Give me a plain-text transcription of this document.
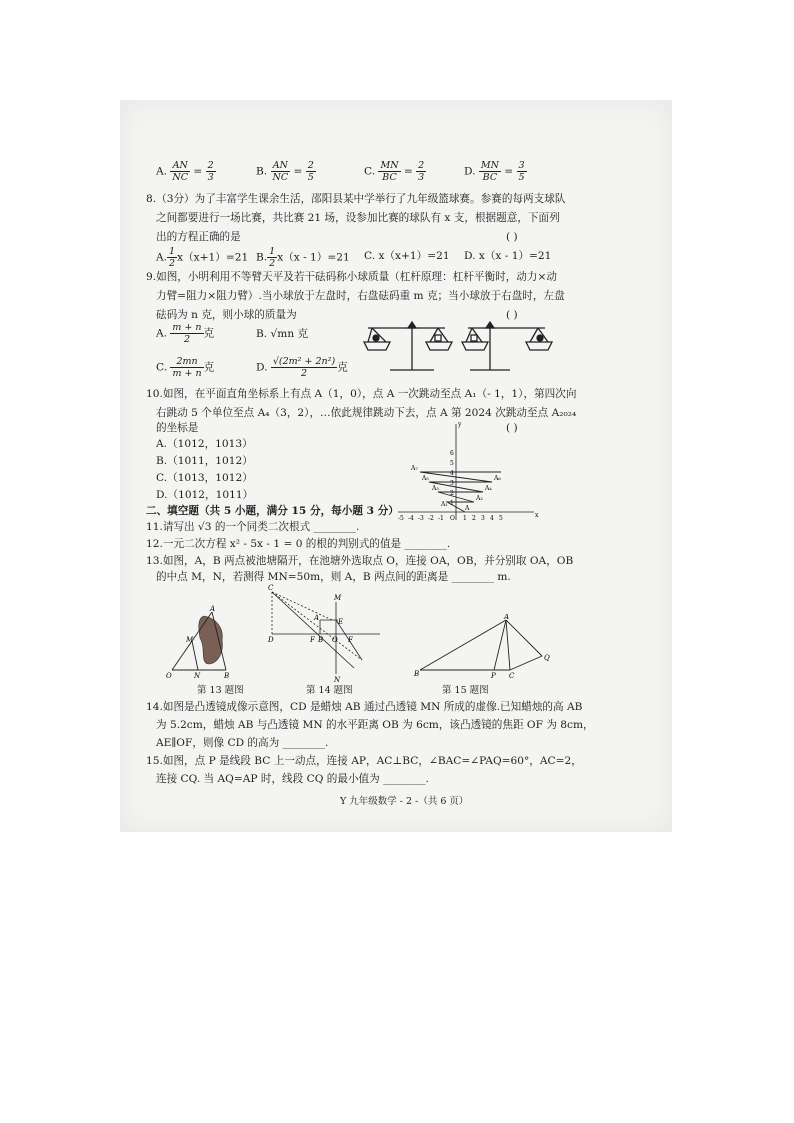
A. $\frac{AN}{NC} = \frac{2}{3}$	B. $\frac{AN}{NC} = \frac{2}{5}$	C. $\frac{MN}{BC} = \frac{2}{3}$	D. $\frac{MN}{BC} = \frac{3}{5}$
8.（3分）为了丰富学生课余生活，邵阳县某中学举行了九年级篮球赛。参赛的每两支球队
之间都要进行一场比赛，共比赛 21 场，设参加比赛的球队有 x 支，根据题意，下面列
出的方程正确的是	( )
A. $\frac{1}{2} x(x+1)=21$ B. $\frac{1}{2} x(x - 1)=21$ C. x（x+1）=21 D. x（x - 1）=21
9.如图，小明利用不等臂天平及若干砝码称小球质量（杠杆原理：杠杆平衡时，动力×动
力臂=阻力×阻力臂）.当小球放于左盘时，右盘砝码重 m 克；当小球放于右盘时，左盘
砝码为 n 克，则小球的质量为	( )
A. $\frac{m + n}{2}$ 克	B. √mn 克
C. $\frac{2mn}{m + n}$ 克	D. $\frac{\text{√(2m² + 2n²)}}{2}$ 克
10.如图，在平面直角坐标系上有点 A（1，0），点 A 一次跳动至点 A₁（- 1，1），第四次向
右跳动 5 个单位至点 A₄（3，2），…依此规律跳动下去，点 A 第 2024 次跳动至点 A₂₀₂₄
的坐标是	( )
A.（1012，1013）
B.（1011，1012）
C.（1013，1012）
D.（1012，1011）
y
x
1
2
3
4
5
6
-5 -4 -3 -2 -1 O 1 2 3 4 5
A₁
A₂
A₃	A₄
A₅	A₆
A₇
A
二、填空题（共 5 小题，满分 15 分，每小题 3 分）
11.请写出 √3 的一个同类二次根式 ________.
12.一元二次方程 x² - 5x - 1 = 0 的根的判别式的值是 ________.
13.如图，A，B 两点被池塘隔开，在池塘外选取点 O，连接 OA，OB，并分别取 OA，OB
的中点 M，N，若测得 MN=50m，则 A，B 两点间的距离是 ________ m.
A
M
O	N	B
C
D
A	E
F B O F
N
M
A
B	P C
Q
第 13 题图	第 14 题图	第 15 题图
14.如图是凸透镜成像示意图，CD 是蜡烛 AB 通过凸透镜 MN 所成的虚像.已知蜡烛的高 AB
为 5.2cm，蜡烛 AB 与凸透镜 MN 的水平距离 OB 为 6cm，该凸透镜的焦距 OF 为 8cm，
AE∥OF，则像 CD 的高为 ________.
15.如图，点 P 是线段 BC 上一动点，连接 AP，AC⊥BC，∠BAC=∠PAQ=60°，AC=2，
连接 CQ. 当 AQ=AP 时，线段 CQ 的最小值为 ________.
Y 九年级数学 - 2 -（共 6 页）
